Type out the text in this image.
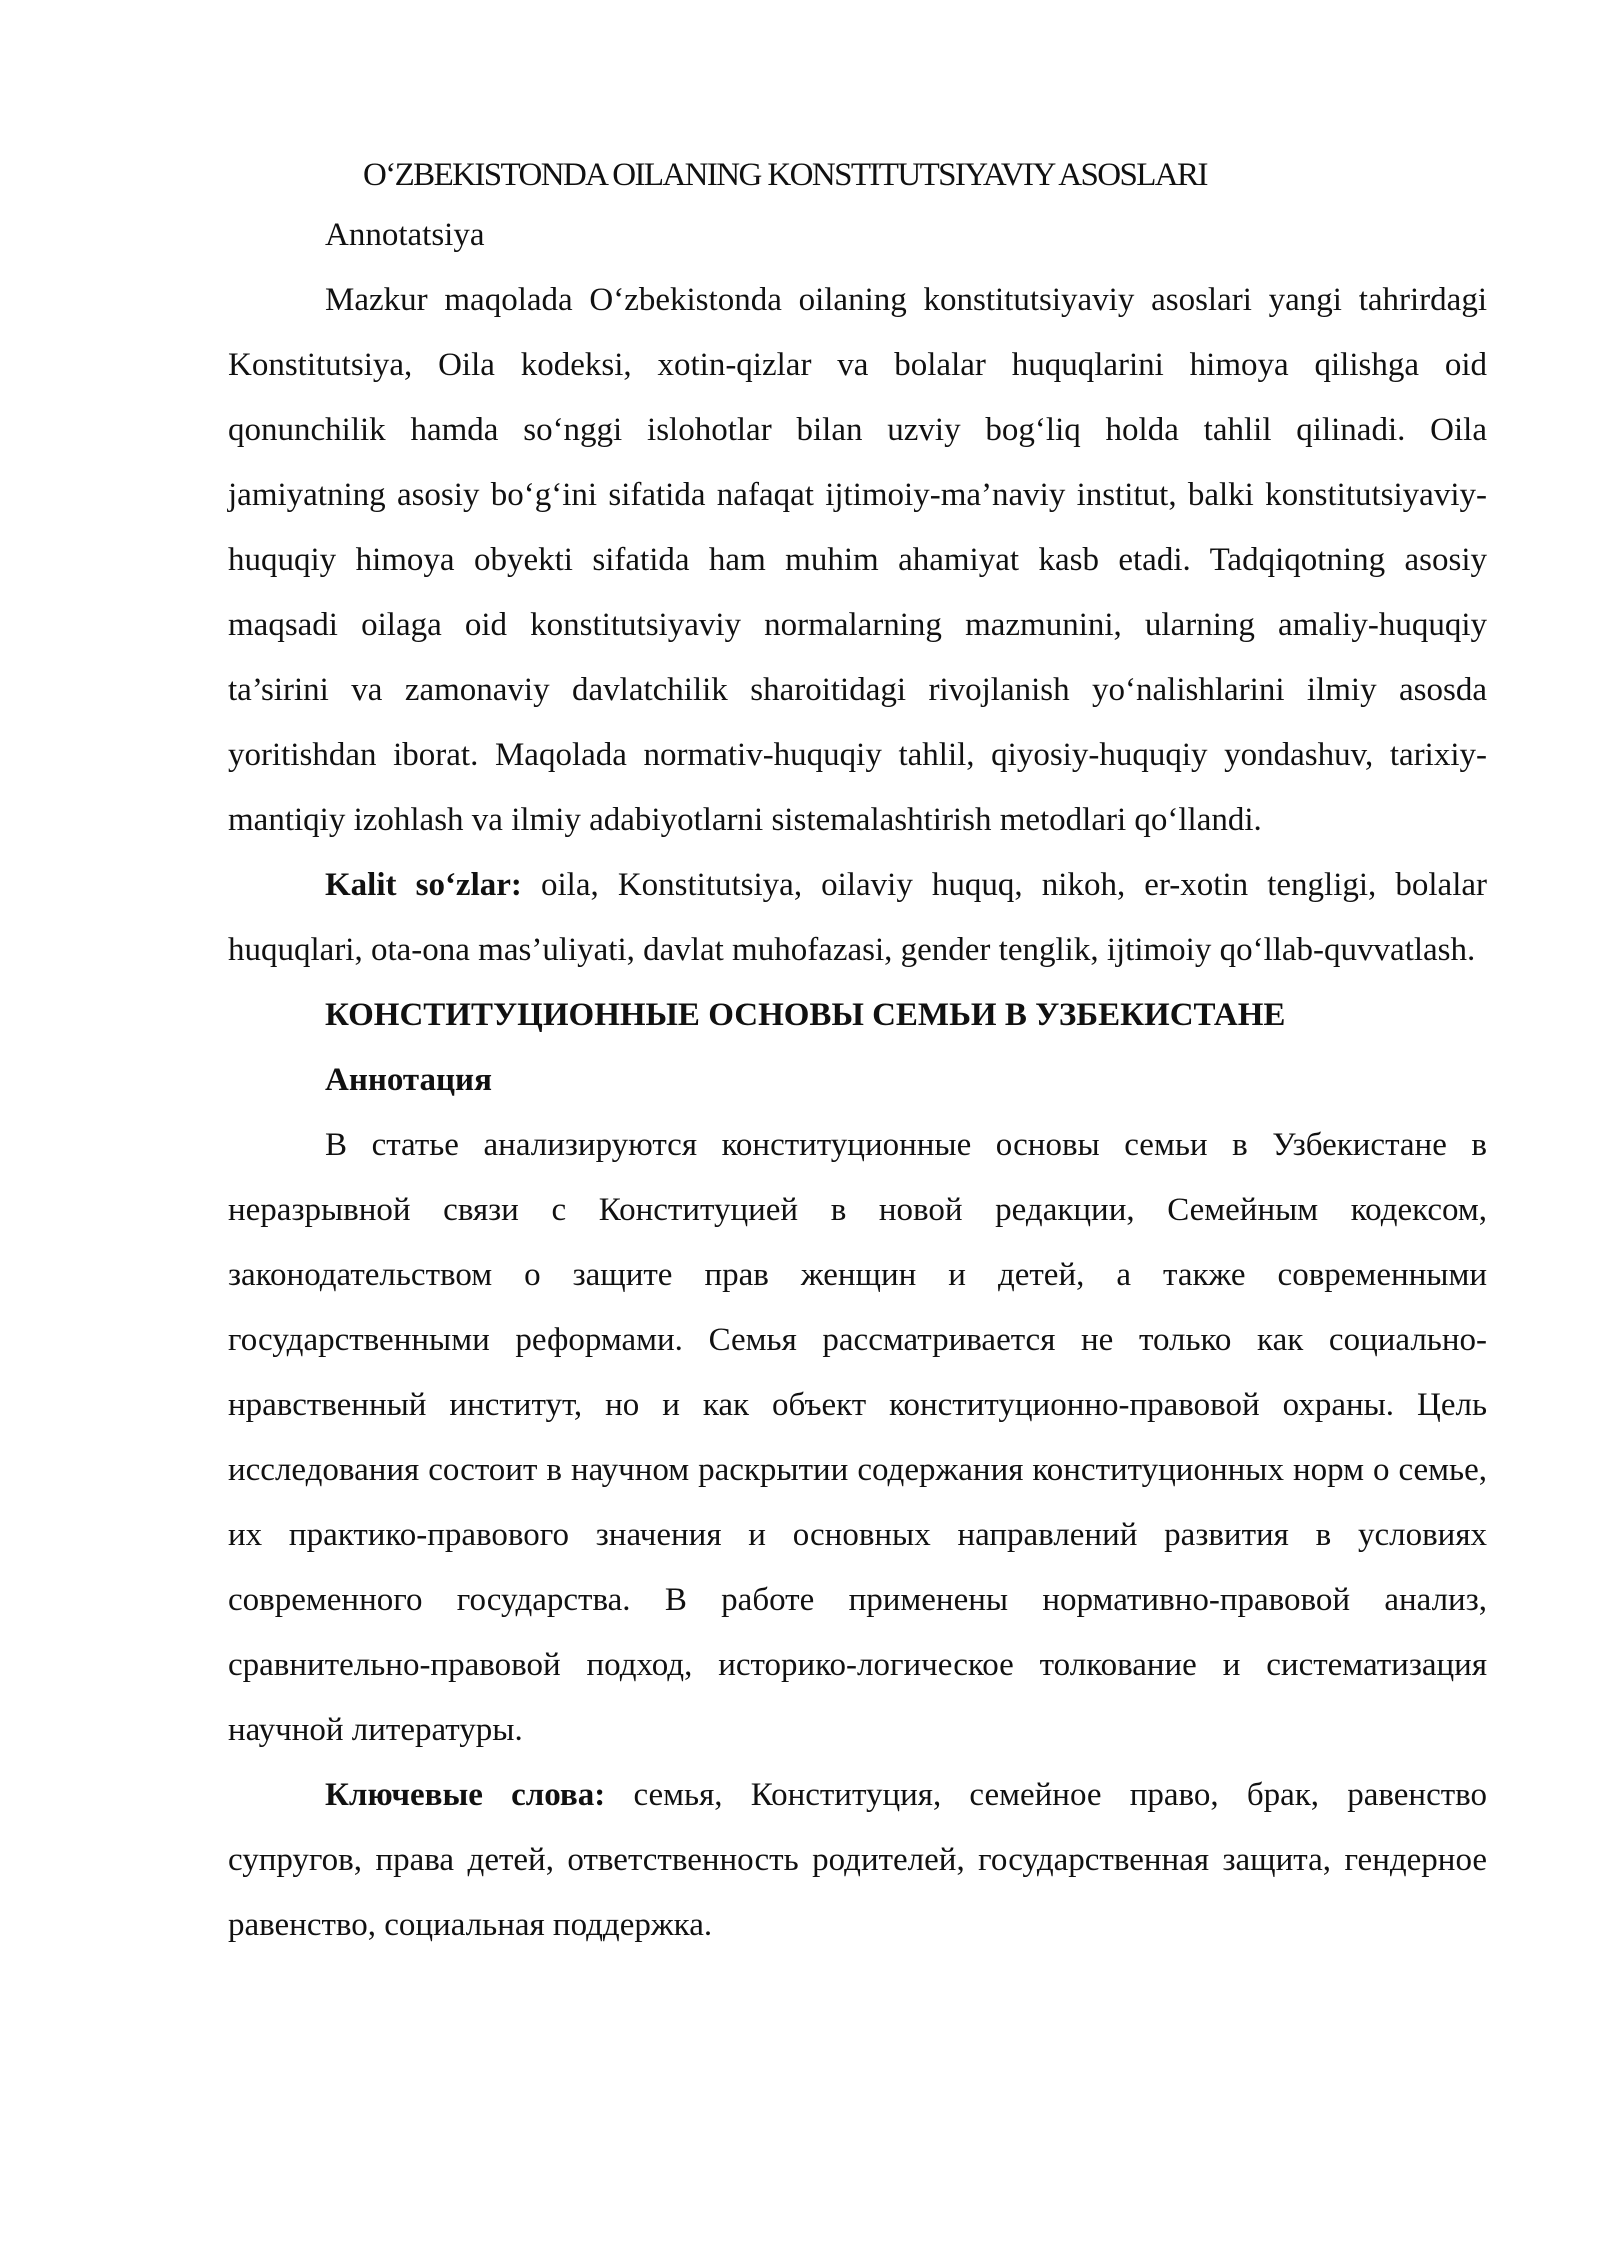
O‘ZBEKISTONDA OILANING KONSTITUTSIYAVIY ASOSLARI
Annotatsiya

Mazkur maqolada O‘zbekistonda oilaning konstitutsiyaviy asoslari yangi tahrirdagi Konstitutsiya, Oila kodeksi, xotin-qizlar va bolalar huquqlarini himoya qilishga oid qonunchilik hamda so‘nggi islohotlar bilan uzviy bog‘liq holda tahlil qilinadi. Oila jamiyatning asosiy bo‘g‘ini sifatida nafaqat ijtimoiy-ma’naviy institut, balki konstitutsiyaviy-huquqiy himoya obyekti sifatida ham muhim ahamiyat kasb etadi. Tadqiqotning asosiy maqsadi oilaga oid konstitutsiyaviy normalarning mazmunini, ularning amaliy-huquqiy ta’sirini va zamonaviy davlatchilik sharoitidagi rivojlanish yo‘nalishlarini ilmiy asosda yoritishdan iborat. Maqolada normativ-huquqiy tahlil, qiyosiy-huquqiy yondashuv, tarixiy-mantiqiy izohlash va ilmiy adabiyotlarni sistemalashtirish metodlari qo‘llandi.

Kalit so‘zlar: oila, Konstitutsiya, oilaviy huquq, nikoh, er-xotin tengligi, bolalar huquqlari, ota-ona mas’uliyati, davlat muhofazasi, gender tenglik, ijtimoiy qo‘llab-quvvatlash.

КОНСТИТУЦИОННЫЕ ОСНОВЫ СЕМЬИ В УЗБЕКИСТАНЕ
Аннотация

В статье анализируются конституционные основы семьи в Узбекистане в неразрывной связи с Конституцией в новой редакции, Семейным кодексом, законодательством о защите прав женщин и детей, а также современными государственными реформами. Семья рассматривается не только как социально-нравственный институт, но и как объект конституционно-правовой охраны. Цель исследования состоит в научном раскрытии содержания конституционных норм о семье, их практико-правового значения и основных направлений развития в условиях современного государства. В работе применены нормативно-правовой анализ, сравнительно-правовой подход, историко-логическое толкование и систематизация научной литературы.

Ключевые слова: семья, Конституция, семейное право, брак, равенство супругов, права детей, ответственность родителей, государственная защита, гендерное равенство, социальная поддержка.
